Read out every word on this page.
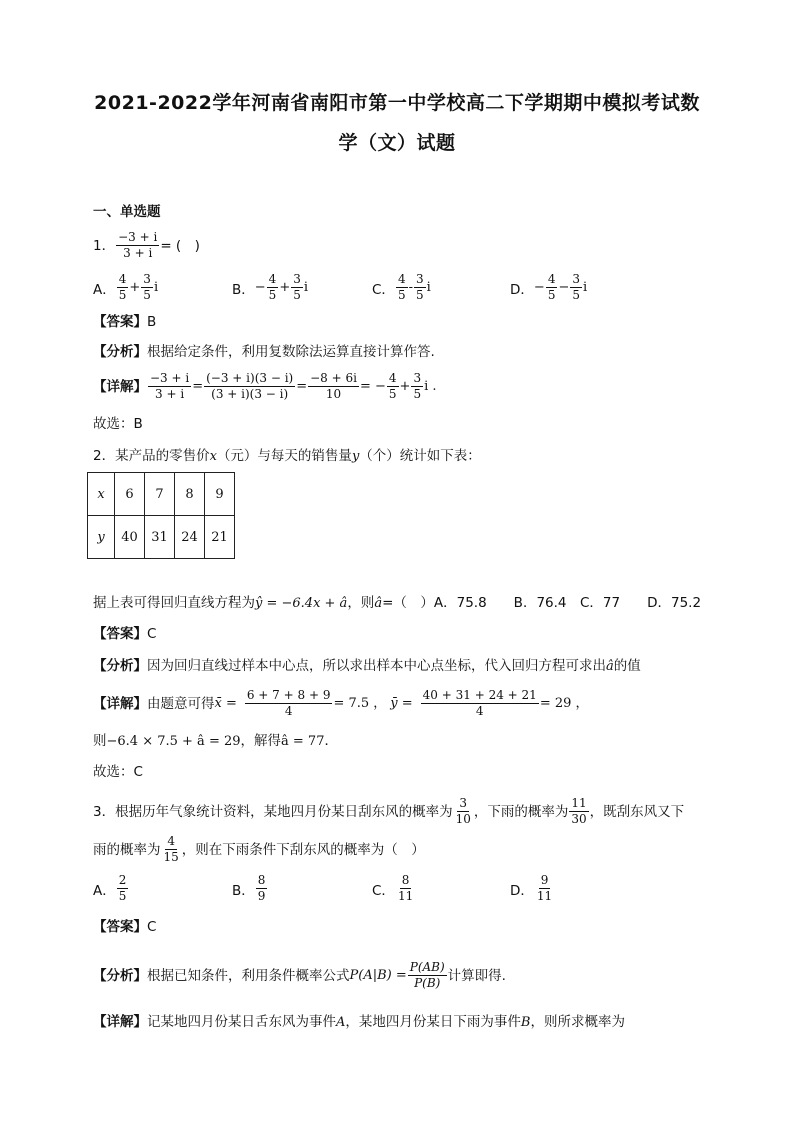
2021-2022学年河南省南阳市第一中学校高二下学期期中模拟考试数
学（文）试题
一、单选题
1． $\frac{-3 + i}{3 + i}$ = (　)
A． $\frac{4}{5} + \frac{3}{5}$ i	B． − $\frac{4}{5} + \frac{3}{5}$ i	C． $\frac{4}{5} - \frac{3}{5}$ i	D． − $\frac{4}{5} - \frac{3}{5}$ i
【答案】B
【分析】根据给定条件，利用复数除法运算直接计算作答.
【详解】 $\frac{-3 + i}{3 + i} = \frac{(-3 + i)(3 - i)}{(3 + i)(3 - i)} = \frac{-8 + 6i}{10}$ = − $\frac{4}{5} + \frac{3}{5}$ i .
故选：B
2．某产品的零售价x（元）与每天的销售量y（个）统计如下表：
x	6	7	8	9
y	40	31	24	21
据上表可得回归直线方程为ŷ = −6.4x + â，则â=（　）A．75.8　　B．76.4　C．77　　D．75.2
【答案】C
【分析】因为回归直线过样本中心点，所以求出样本中心点坐标，代入回归方程可求出â的值
【详解】 由题意可得 x̄ = $\frac{6 + 7 + 8 + 9}{4} = 7.5$ ， ȳ = $\frac{40 + 31 + 24 + 21}{4} = 29$ ，
则−6.4 × 7.5 + â = 29，解得â = 77．
故选：C
3．根据历年气象统计资料，某地四月份某日刮东风的概率为 $\frac{3}{10}$ ，下雨的概率为 $\frac{11}{30}$ ，既刮东风又下
雨的概率为 $\frac{4}{15}$ ，则在下雨条件下刮东风的概率为（　）
A． $\frac{2}{5}$	B． $\frac{8}{9}$	C． $\frac{8}{11}$	D． $\frac{9}{11}$
【答案】C
【分析】 根据已知条件，利用条件概率公式 $P(A|B) = \frac{P(AB)}{P(B)}$ 计算即得.
【详解】记某地四月份某日舌东风为事件A，某地四月份某日下雨为事件B，则所求概率为
